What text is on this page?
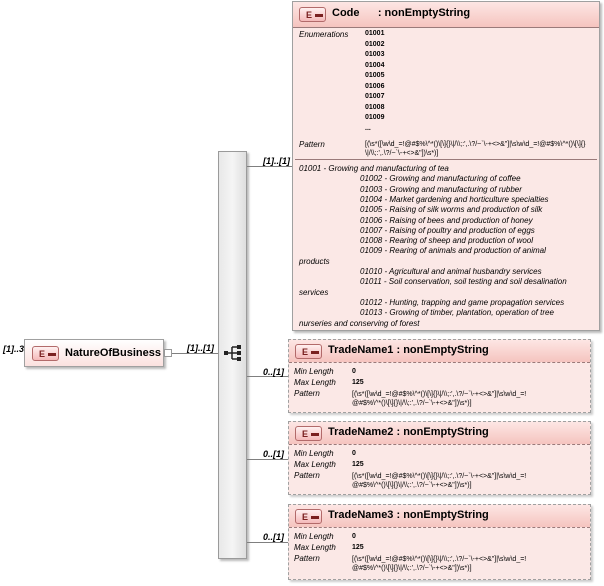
[1]..3 E NatureOfBusiness	[1]..[1]
[1]..[1]
E Code      : nonEmptyString
Enumerations 01001
01002
01003
01004
01005
01006
01007
01008
01009
...
Pattern	[(\s*([\w\d_=!@#$%\^*()\[\]{}\|/\\;:',.\?/~`\-+<>&"]|\s\w\d_=!@#$%\^*()\[\]{}\|/\\;:',.\?/~`\-+<>&"])\s*)]
01001 - Growing and manufacturing of tea
01002 - Growing and manufacturing of coffee
01003 - Growing and manufacturing of rubber
01004 - Market gardening and horticulture specialties
01005 - Raising of silk worms and production of silk
01006 - Raising of bees and production of honey
01007 - Raising of poultry and production of eggs
01008 - Rearing of sheep and production of wool
01009 - Rearing of animals and production of animal
products
01010 - Agricultural and animal husbandry services
01011 - Soil conservation, soil testing and soil desalination
services
01012 - Hunting, trapping and game propagation services
01013 - Growing of timber, plantation, operation of tree
nurseries and conserving of forest
0..[1]
E TradeName1 : nonEmptyString
Min Length	0
Max Length 125
Pattern	[(\s*([\w\d_=!@#$%\^*()\[\]{}\|/\\;:',.\?/~`\-+<>&"]|\s\w\d_=!
@#$%\^*()\[\]{}\|/\\;:',.\?/~`\-+<>&"])\s*)]
0..[1]
E TradeName2 : nonEmptyString
Min Length	0
Max Length 125
Pattern	[(\s*([\w\d_=!@#$%\^*()\[\]{}\|/\\;:',.\?/~`\-+<>&"]|\s\w\d_=!
@#$%\^*()\[\]{}\|/\\;:',.\?/~`\-+<>&"])\s*)]
0..[1]
E TradeName3 : nonEmptyString
Min Length	0
Max Length 125
Pattern	[(\s*([\w\d_=!@#$%\^*()\[\]{}\|/\\;:',.\?/~`\-+<>&"]|\s\w\d_=!
@#$%\^*()\[\]{}\|/\\;:',.\?/~`\-+<>&"])\s*)]
